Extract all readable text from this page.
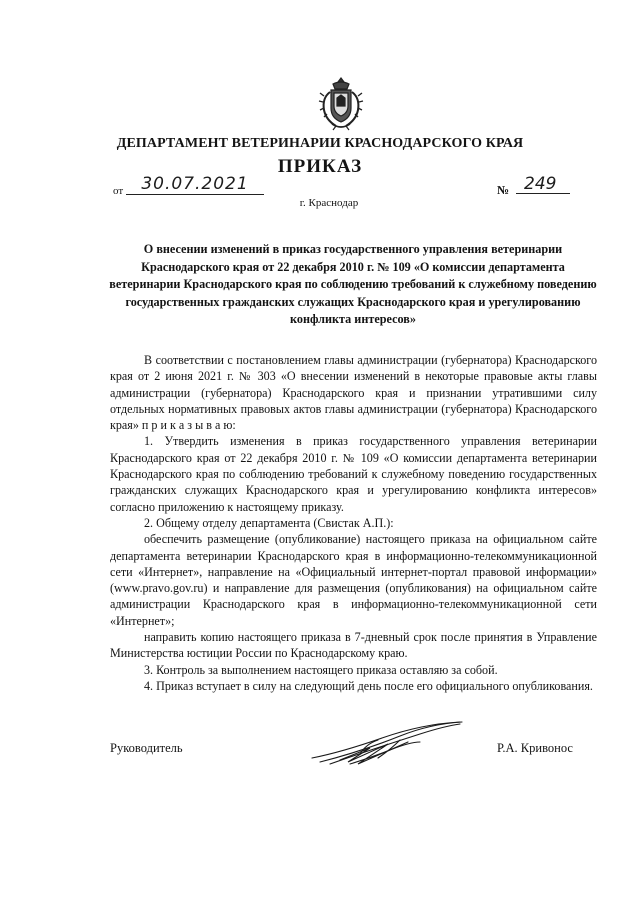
ДЕПАРТАМЕНТ ВЕТЕРИНАРИИ КРАСНОДАРСКОГО КРАЯ
ПРИКАЗ
от	30.07.2021
г. Краснодар
№ 249
О внесении изменений в приказ государственного управления ветеринарии Краснодарского края от 22 декабря 2010 г. № 109 «О комиссии департамента ветеринарии Краснодарского края по соблюдению требований к служебному поведению государственных гражданских служащих Краснодарского края и урегулированию конфликта интересов»

В соответствии с постановлением главы администрации (губернатора) Краснодарского края от 2 июня 2021 г. № 303 «О внесении изменений в некоторые правовые акты главы администрации (губернатора) Краснодарского края и признании утратившими силу отдельных нормативных правовых актов главы администрации (губернатора) Краснодарского края» п р и к а з ы в а ю:

1. Утвердить изменения в приказ государственного управления ветеринарии Краснодарского края от 22 декабря 2010 г. № 109 «О комиссии департамента ветеринарии Краснодарского края по соблюдению требований к служебному поведению государственных гражданских служащих Краснодарского края и урегулированию конфликта интересов» согласно приложению к настоящему приказу.

2. Общему отделу департамента (Свистак А.П.):

обеспечить размещение (опубликование) настоящего приказа на официальном сайте департамента ветеринарии Краснодарского края в информационно-телекоммуникационной сети «Интернет», направление на «Официальный интернет-портал правовой информации» (www.pravo.gov.ru) и направление для размещения (опубликования) на официальном сайте администрации Краснодарского края в информационно-телекоммуникационной сети «Интернет»;

направить копию настоящего приказа в 7-дневный срок после принятия в Управление Министерства юстиции России по Краснодарскому краю.

3. Контроль за выполнением настоящего приказа оставляю за собой.

4. Приказ вступает в силу на следующий день после его официального опубликования.

Руководитель	Р.А. Кривонос
